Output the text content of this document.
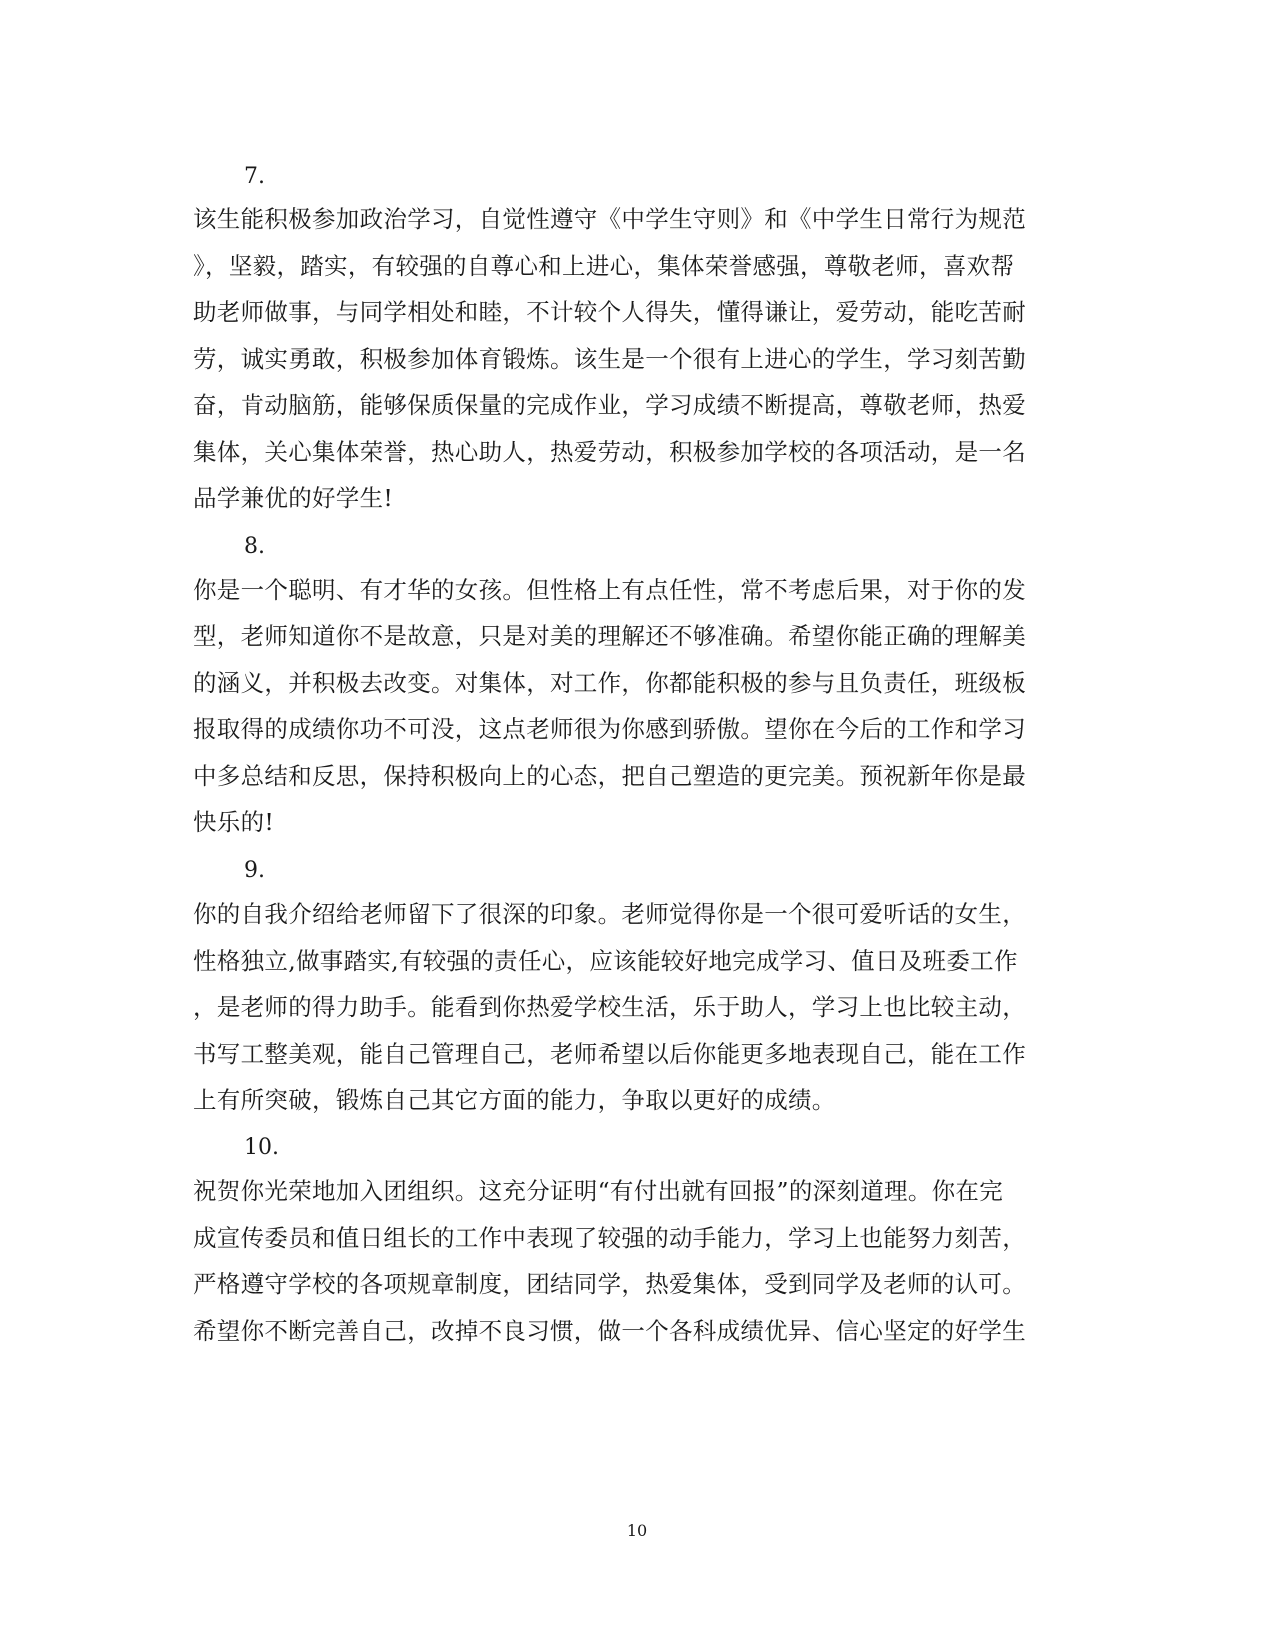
7.
该生能积极参加政治学习，自觉性遵守《中学生守则》和《中学生日常行为规范
》，坚毅，踏实，有较强的自尊心和上进心，集体荣誉感强，尊敬老师，喜欢帮
助老师做事，与同学相处和睦，不计较个人得失，懂得谦让，爱劳动，能吃苦耐
劳，诚实勇敢，积极参加体育锻炼。该生是一个很有上进心的学生，学习刻苦勤
奋，肯动脑筋，能够保质保量的完成作业，学习成绩不断提高，尊敬老师，热爱
集体，关心集体荣誉，热心助人，热爱劳动，积极参加学校的各项活动，是一名
品学兼优的好学生!
8.
你是一个聪明、有才华的女孩。但性格上有点任性，常不考虑后果，对于你的发
型，老师知道你不是故意，只是对美的理解还不够准确。希望你能正确的理解美
的涵义，并积极去改变。对集体，对工作，你都能积极的参与且负责任，班级板
报取得的成绩你功不可没，这点老师很为你感到骄傲。望你在今后的工作和学习
中多总结和反思，保持积极向上的心态，把自己塑造的更完美。预祝新年你是最
快乐的!
9.
你的自我介绍给老师留下了很深的印象。老师觉得你是一个很可爱听话的女生，
性格独立,做事踏实,有较强的责任心，应该能较好地完成学习、值日及班委工作
，是老师的得力助手。能看到你热爱学校生活，乐于助人，学习上也比较主动，
书写工整美观，能自己管理自己，老师希望以后你能更多地表现自己，能在工作
上有所突破，锻炼自己其它方面的能力，争取以更好的成绩。
10.
祝贺你光荣地加入团组织。这充分证明“有付出就有回报”的深刻道理。你在完
成宣传委员和值日组长的工作中表现了较强的动手能力，学习上也能努力刻苦，
严格遵守学校的各项规章制度，团结同学，热爱集体，受到同学及老师的认可。
希望你不断完善自己，改掉不良习惯，做一个各科成绩优异、信心坚定的好学生
10
